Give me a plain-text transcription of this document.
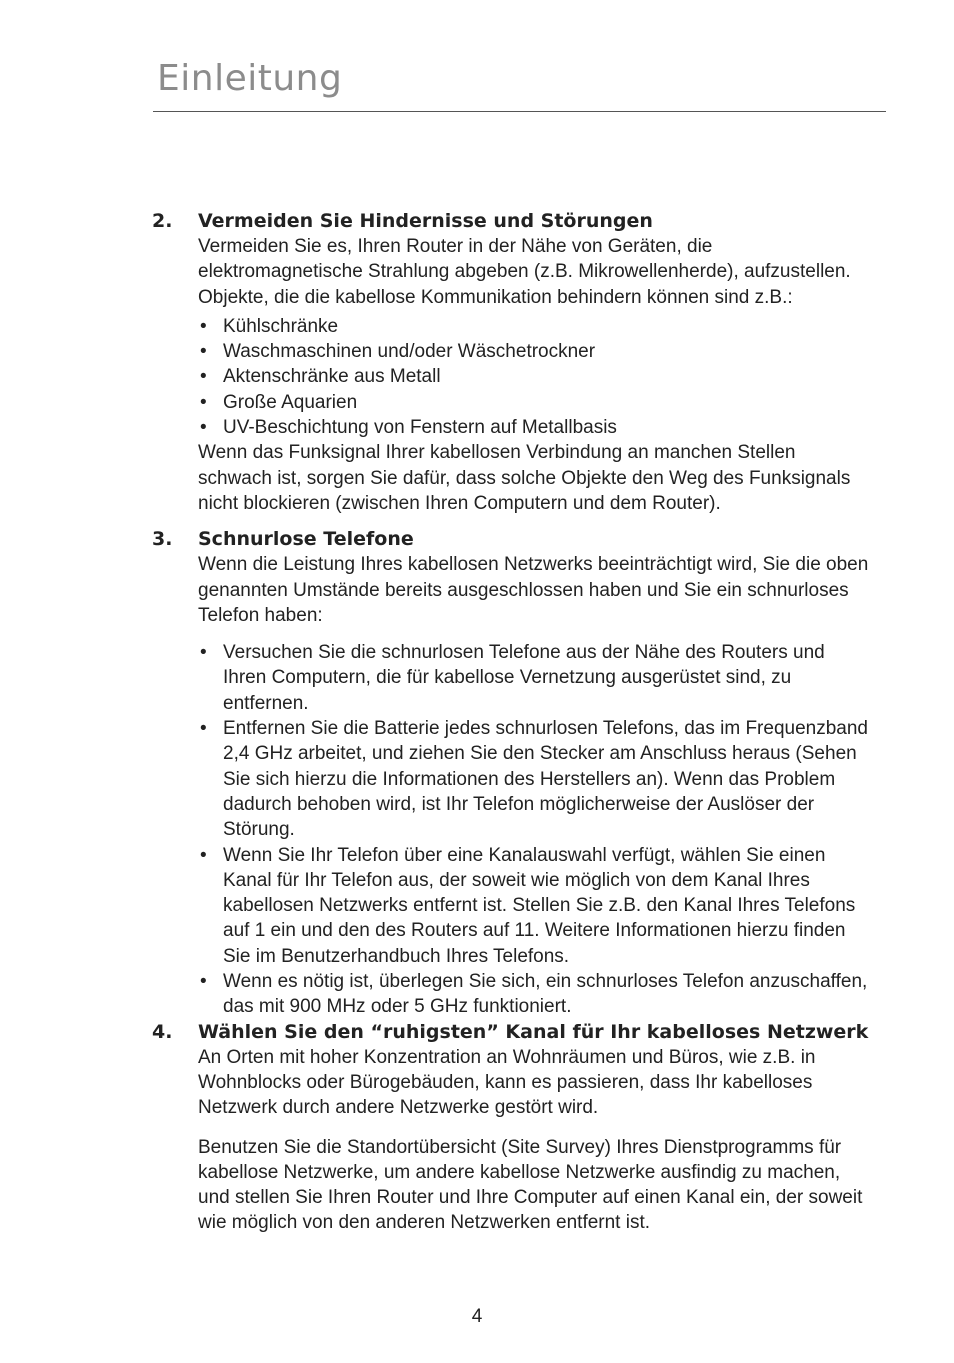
Einleitung
2. Vermeiden Sie Hindernisse und Störungen

Vermeiden Sie es, Ihren Router in der Nähe von Geräten, die elektromagnetische Strahlung abgeben (z.B. Mikrowellenherde), aufzustellen. Objekte, die die kabellose Kommunikation behindern können sind z.B.:

• Kühlschränke
• Waschmaschinen und/oder Wäschetrockner
• Aktenschränke aus Metall
• Große Aquarien
• UV-Beschichtung von Fenstern auf Metallbasis

Wenn das Funksignal Ihrer kabellosen Verbindung an manchen Stellen schwach ist, sorgen Sie dafür, dass solche Objekte den Weg des Funksignals nicht blockieren (zwischen Ihren Computern und dem Router).

3. Schnurlose Telefone

Wenn die Leistung Ihres kabellosen Netzwerks beeinträchtigt wird, Sie die oben genannten Umstände bereits ausgeschlossen haben und Sie ein schnurloses Telefon haben:

• Versuchen Sie die schnurlosen Telefone aus der Nähe des Routers und Ihren Computern, die für kabellose Vernetzung ausgerüstet sind, zu entfernen.
• Entfernen Sie die Batterie jedes schnurlosen Telefons, das im Frequenzband 2,4 GHz arbeitet, und ziehen Sie den Stecker am Anschluss heraus (Sehen Sie sich hierzu die Informationen des Herstellers an). Wenn das Problem dadurch behoben wird, ist Ihr Telefon möglicherweise der Auslöser der Störung.
• Wenn Sie Ihr Telefon über eine Kanalauswahl verfügt, wählen Sie einen Kanal für Ihr Telefon aus, der soweit wie möglich von dem Kanal Ihres kabellosen Netzwerks entfernt ist. Stellen Sie z.B. den Kanal Ihres Telefons auf 1 ein und den des Routers auf 11. Weitere Informationen hierzu finden Sie im Benutzerhandbuch Ihres Telefons.
• Wenn es nötig ist, überlegen Sie sich, ein schnurloses Telefon anzuschaffen, das mit 900 MHz oder 5 GHz funktioniert.
4. Wählen Sie den “ruhigsten” Kanal für Ihr kabelloses Netzwerk

An Orten mit hoher Konzentration an Wohnräumen und Büros, wie z.B. in Wohnblocks oder Bürogebäuden, kann es passieren, dass Ihr kabelloses Netzwerk durch andere Netzwerke gestört wird.

Benutzen Sie die Standortübersicht (Site Survey) Ihres Dienstprogramms für kabellose Netzwerke, um andere kabellose Netzwerke ausfindig zu machen, und stellen Sie Ihren Router und Ihre Computer auf einen Kanal ein, der soweit wie möglich von den anderen Netzwerken entfernt ist.

4
